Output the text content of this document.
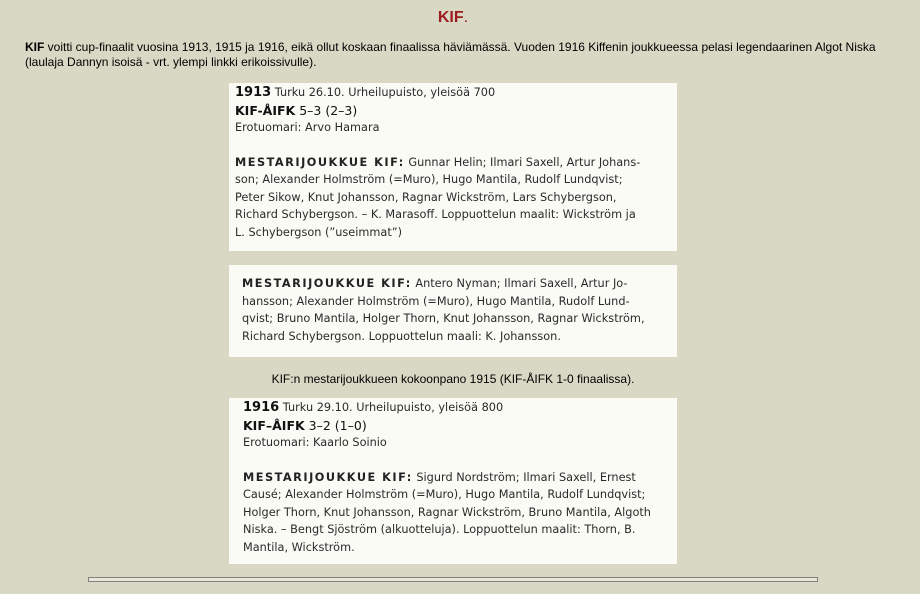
KIF.
KIF voitti cup-finaalit vuosina 1913, 1915 ja 1916, eikä ollut koskaan finaalissa häviämässä. Vuoden 1916 Kiffenin joukkueessa pelasi legendaarinen Algot Niska (laulaja Dannyn isoisä - vrt. ylempi linkki erikoissivulle).
1913 Turku 26.10. Urheilupuisto, yleisöä 700
KIF-ÅIFK 5–3 (2–3)
Erotuomari: Arvo Hamara
MESTARIJOUKKUE KIF: Gunnar Helin; Ilmari Saxell, Artur Johans-
son; Alexander Holmström (=Muro), Hugo Mantila, Rudolf Lundqvist;
Peter Sikow, Knut Johansson, Ragnar Wickström, Lars Schybergson,
Richard Schybergson. – K. Marasoff. Loppuottelun maalit: Wickström ja
L. Schybergson (”useimmat”)
MESTARIJOUKKUE KIF: Antero Nyman; Ilmari Saxell, Artur Jo-
hansson; Alexander Holmström (=Muro), Hugo Mantila, Rudolf Lund-
qvist; Bruno Mantila, Holger Thorn, Knut Johansson, Ragnar Wickström,
Richard Schybergson. Loppuottelun maali: K. Johansson.
KIF:n mestarijoukkueen kokoonpano 1915 (KIF-ÅIFK 1-0 finaalissa).
1916 Turku 29.10. Urheilupuisto, yleisöä 800
KIF–ÅIFK 3–2 (1–0)
Erotuomari: Kaarlo Soinio
MESTARIJOUKKUE KIF: Sigurd Nordström; Ilmari Saxell, Ernest
Causé; Alexander Holmström (=Muro), Hugo Mantila, Rudolf Lundqvist;
Holger Thorn, Knut Johansson, Ragnar Wickström, Bruno Mantila, Algoth
Niska. – Bengt Sjöström (alkuotteluja). Loppuottelun maalit: Thorn, B.
Mantila, Wickström.
